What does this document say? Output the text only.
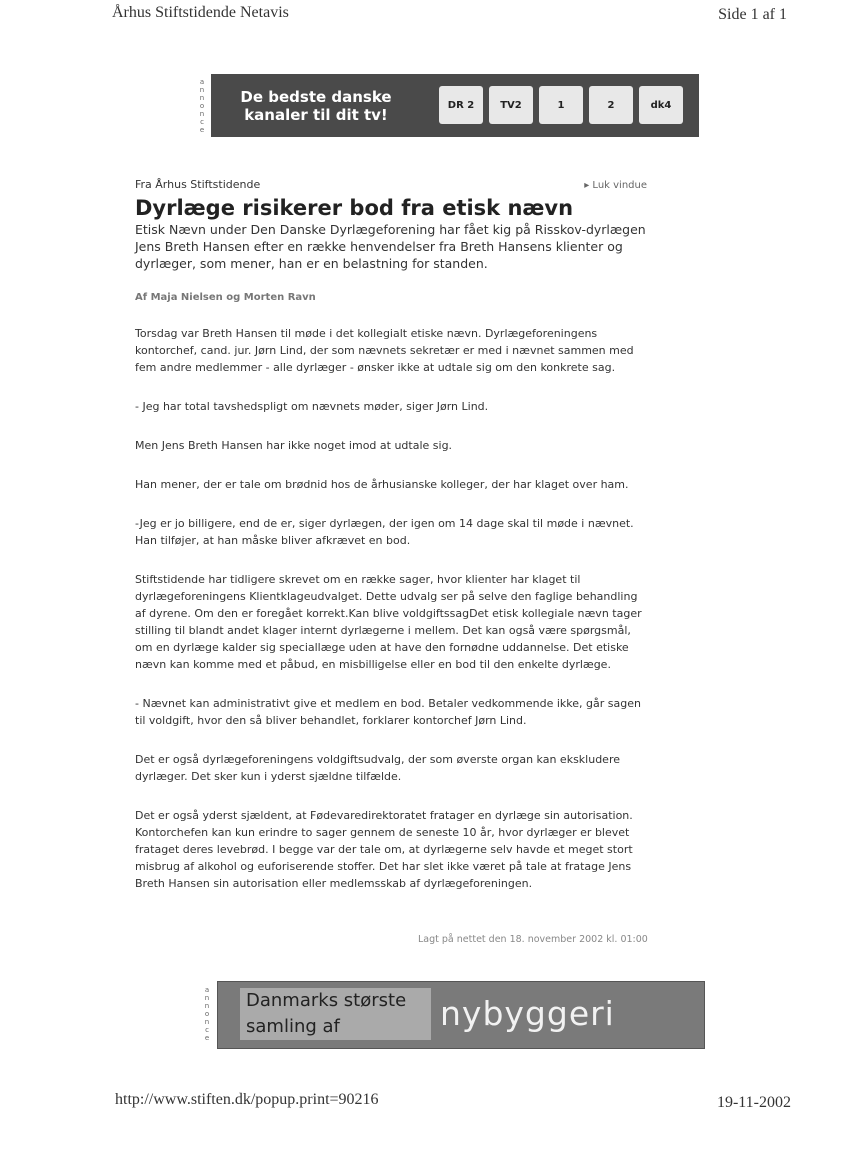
Århus Stiftstidende Netavis	Side 1 af 1
annonce
De bedste danske kanaler til dit tv!
DR 2	TV2	1	2	dk4

Fra Århus Stiftstidende	▸ Luk vindue
Dyrlæge risikerer bod fra etisk nævn

Etisk Nævn under Den Danske Dyrlægeforening har fået kig på Risskov-dyrlægen Jens Breth Hansen efter en række henvendelser fra Breth Hansens klienter og dyrlæger, som mener, han er en belastning for standen.

Af Maja Nielsen og Morten Ravn

Torsdag var Breth Hansen til møde i det kollegialt etiske nævn. Dyrlægeforeningens kontorchef, cand. jur. Jørn Lind, der som nævnets sekretær er med i nævnet sammen med fem andre medlemmer - alle dyrlæger - ønsker ikke at udtale sig om den konkrete sag.

- Jeg har total tavshedspligt om nævnets møder, siger Jørn Lind.

Men Jens Breth Hansen har ikke noget imod at udtale sig.

Han mener, der er tale om brødnid hos de århusianske kolleger, der har klaget over ham.

-Jeg er jo billigere, end de er, siger dyrlægen, der igen om 14 dage skal til møde i nævnet. Han tilføjer, at han måske bliver afkrævet en bod.

Stiftstidende har tidligere skrevet om en række sager, hvor klienter har klaget til dyrlægeforeningens Klientklageudvalget. Dette udvalg ser på selve den faglige behandling af dyrene. Om den er foregået korrekt.Kan blive voldgiftssagDet etisk kollegiale nævn tager stilling til blandt andet klager internt dyrlægerne i mellem. Det kan også være spørgsmål, om en dyrlæge kalder sig speciallæge uden at have den fornødne uddannelse. Det etiske nævn kan komme med et påbud, en misbilligelse eller en bod til den enkelte dyrlæge.

- Nævnet kan administrativt give et medlem en bod. Betaler vedkommende ikke, går sagen til voldgift, hvor den så bliver behandlet, forklarer kontorchef Jørn Lind.

Det er også dyrlægeforeningens voldgiftsudvalg, der som øverste organ kan ekskludere dyrlæger. Det sker kun i yderst sjældne tilfælde.

Det er også yderst sjældent, at Fødevaredirektoratet fratager en dyrlæge sin autorisation. Kontorchefen kan kun erindre to sager gennem de seneste 10 år, hvor dyrlæger er blevet frataget deres levebrød. I begge var der tale om, at dyrlægerne selv havde et meget stort misbrug af alkohol og euforiserende stoffer. Det har slet ikke været på tale at fratage Jens Breth Hansen sin autorisation eller medlemsskab af dyrlægeforeningen.

Lagt på nettet den 18. november 2002 kl. 01:00
annonce
Danmarks største samling af	nybyggeri
http://www.stiften.dk/popup.print=90216	19-11-2002
